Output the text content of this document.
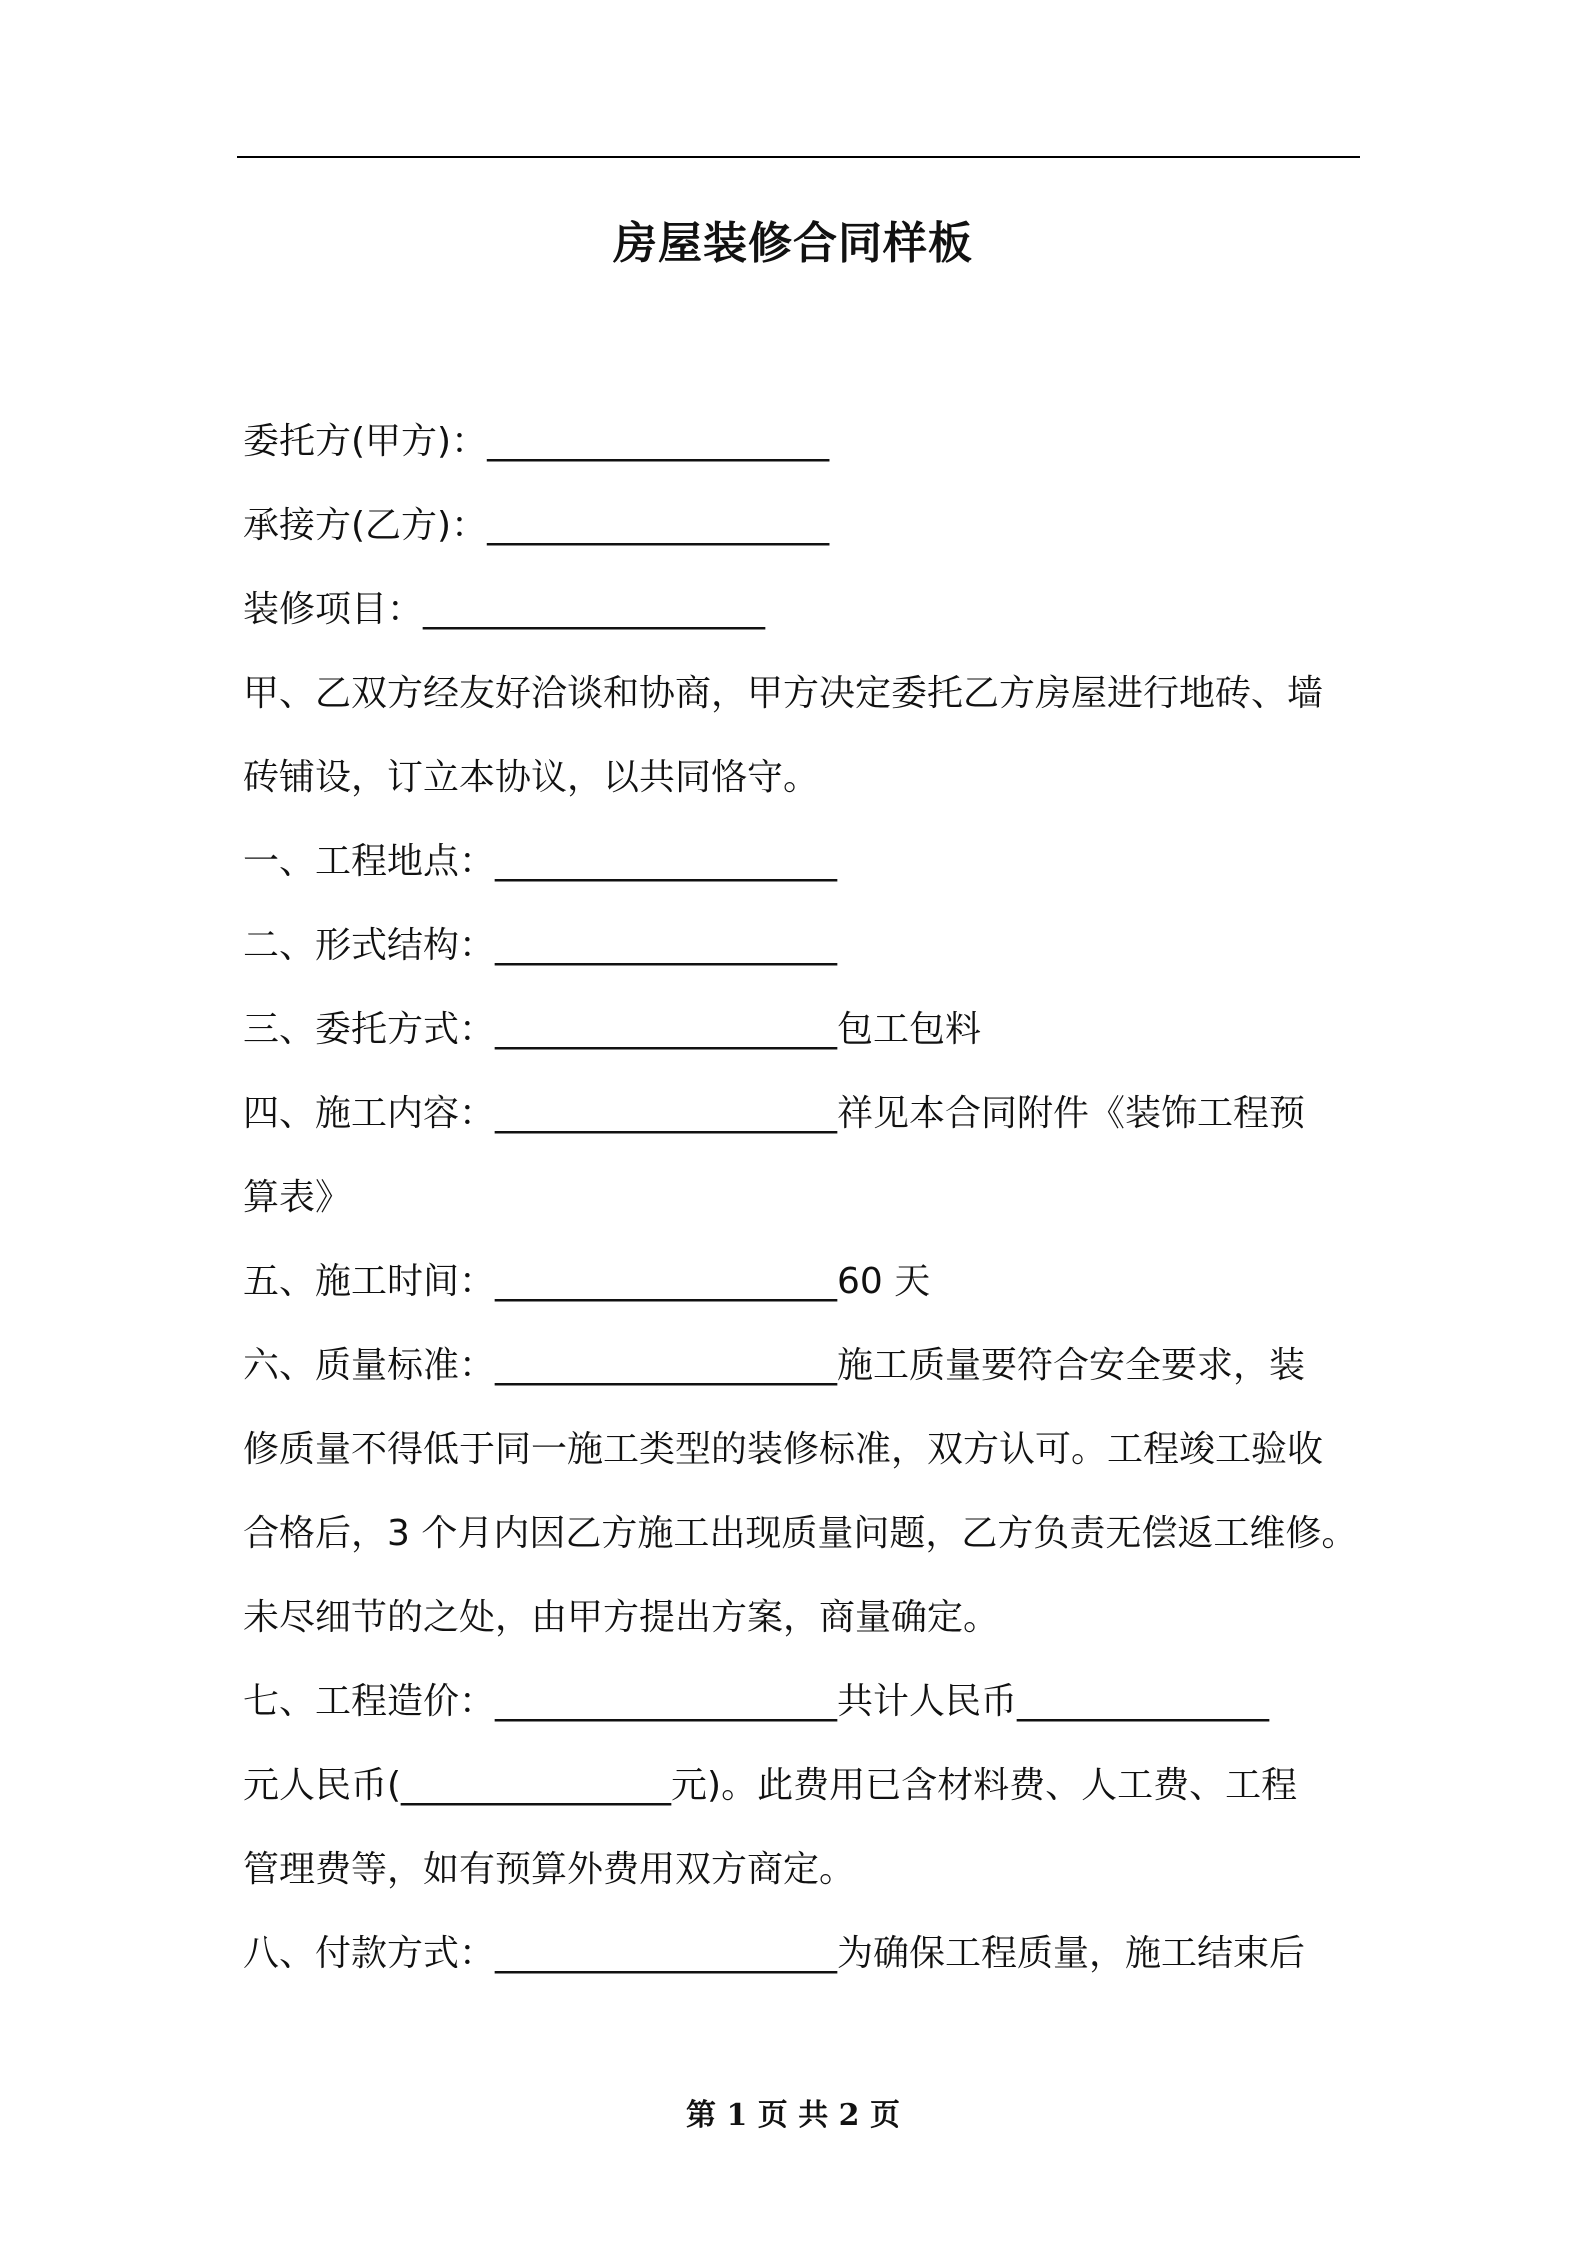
房屋装修合同样板
委托方(甲方)：___________________
承接方(乙方)：___________________
装修项目：___________________
甲、乙双方经友好洽谈和协商，甲方决定委托乙方房屋进行地砖、墙
砖铺设，订立本协议，以共同恪守。
一、工程地点：___________________
二、形式结构：___________________
三、委托方式：___________________包工包料
四、施工内容：___________________祥见本合同附件《装饰工程预
算表》
五、施工时间：___________________60 天
六、质量标准：___________________施工质量要符合安全要求，装
修质量不得低于同一施工类型的装修标准，双方认可。工程竣工验收
合格后，3 个月内因乙方施工出现质量问题，乙方负责无偿返工维修。
未尽细节的之处，由甲方提出方案，商量确定。
七、工程造价：___________________共计人民币______________
元人民币(_______________元)。此费用已含材料费、人工费、工程
管理费等，如有预算外费用双方商定。
八、付款方式：___________________为确保工程质量，施工结束后
第 1 页 共 2 页
